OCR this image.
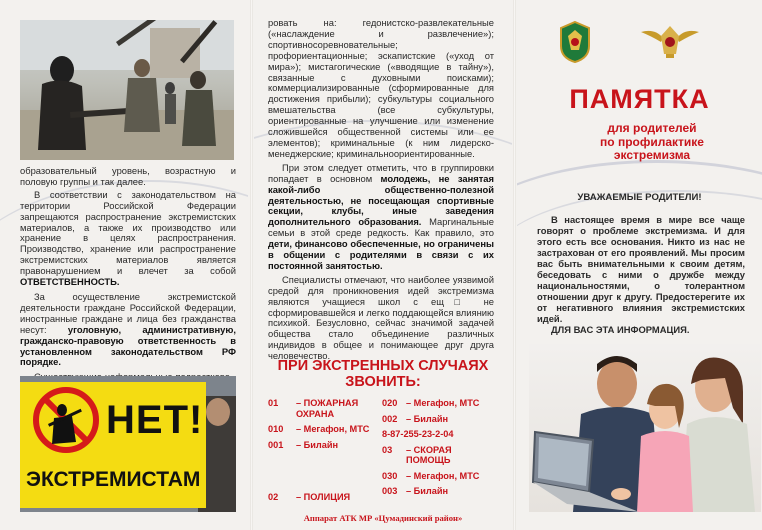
образовательный уровень, возрастную и половую группы и так далее.
В соответствии с законодательством на территории Российской Федерации запрещаются распространение экстремистских материалов, а также их производство или хранение в целях распространения. Производство, хранение или распространение экстремистских материалов является правонарушением и влечет за собой ОТВЕТСТВЕННОСТЬ.
За осуществление экстремистской деятельности граждане Российской Федерации, иностранные граждане и лица без гражданства несут: уголовную, административную, гражданско-правовую ответственность в установленном законодательством РФ порядке.
НЕТ!
ЭКСТРЕМИСТАМ
ровать на: гедонистско-развлекательные («наслаждение и развлечение»); спортивносоревновательные; профориентационные; эскапистские («уход от мира»); мистагогические («вводящие в тайну»), связанные с духовными поисками); коммерциализированные (сформированные для достижения прибыли); субкультуры социального вмешательства (все субкультуры, ориентированные на улучшение или изменение сложившейся общественной системы или ее элементов); криминальные (к ним лидерско-менеджерские; криминальноориентированные.
При этом следует отметить, что в группировки попадает в основном молодежь, не занятая какой-либо общественно-полезной деятельностью, не посещающая спортивные секции, клубы, иные заведения дополнительного образования. Маргинальные семьи в этой среде редкость. Как правило, это дети, финансово обеспеченные, но ограничены в общении с родителями в связи с их постоянной занятостью.
Специалисты отмечают, что наиболее уязвимой средой для проникновения идей экстремизма являются учащиеся школ с ещ□ не сформировавшейся и легко поддающейся влиянию психикой. Безусловно, сейчас значимой задачей общества стало объединение различных индивидов в общее и понимающее друг друга человечество.
ПРИ ЭКСТРЕННЫХ СЛУЧАЯХ
ЗВОНИТЬ:
01	– ПОЖАРНАЯ ОХРАНА
010	– Мегафон, МТС
001	– Билайн
020 – Мегафон, МТС
002 – Билайн
8-87-255-23-2-04
03	– СКОРАЯ ПОМОЩЬ
030 – Мегафон, МТС
003 – Билайн
02	– ПОЛИЦИЯ
Аппарат АТК МР «Цумадинский район»
ПАМЯТКА
для родителей
по профилактике
экстремизма
УВАЖАЕМЫЕ РОДИТЕЛИ!
В настоящее время в мире все чаще говорят о проблеме экстремизма. И для этого есть все основания. Никто из нас не застрахован от его проявлений. Мы просим вас быть внимательными к своим детям, беседовать с ними о дружбе между национальностями, о толерантном отношении друг к другу. Предостерегите их от негативного влияния экстремистских идей.
ДЛЯ ВАС ЭТА ИНФОРМАЦИЯ.
